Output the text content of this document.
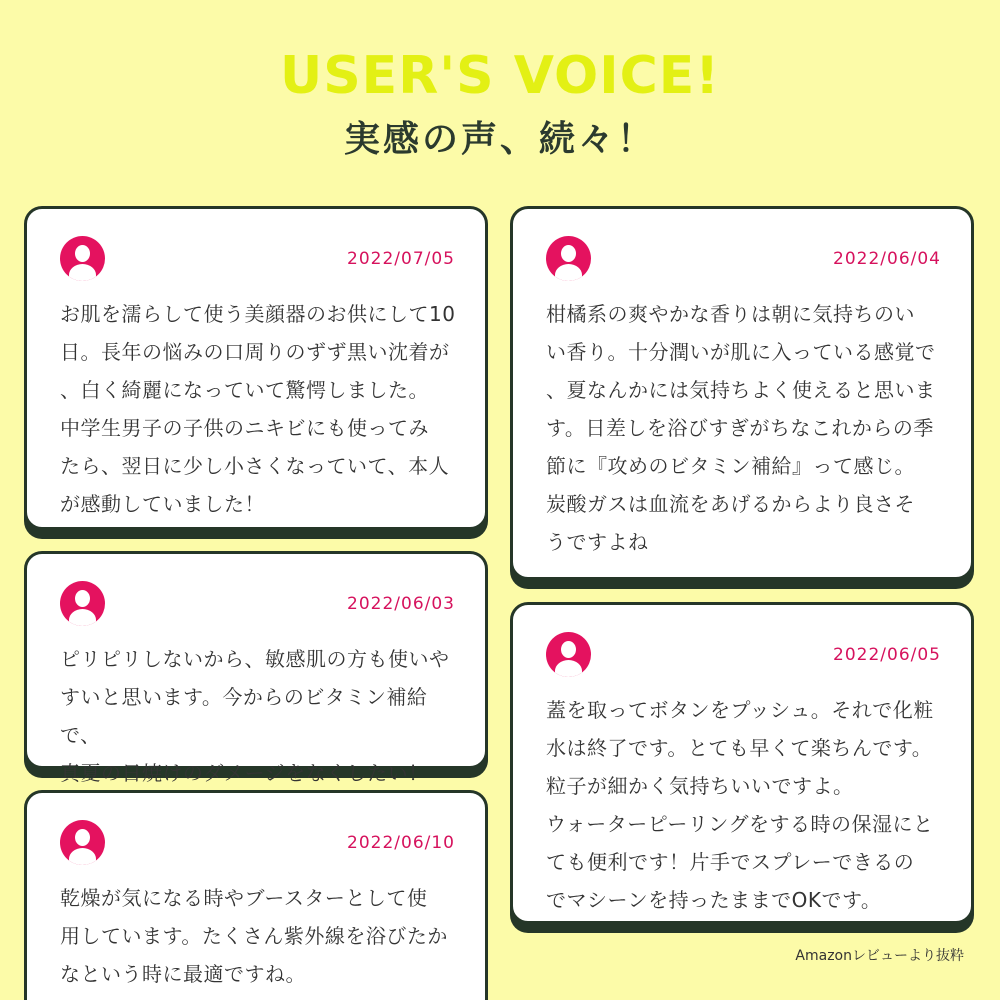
USER'S VOICE!
実感の声、続々！
2022/07/05
お肌を濡らして使う美顔器のお供にして10
日。長年の悩みの口周りのずず黒い沈着が
、白く綺麗になっていて驚愕しました。
中学生男子の子供のニキビにも使ってみ
たら、翌日に少し小さくなっていて、本人
が感動していました！
2022/06/03
ピリピリしないから、敏感肌の方も使いや
すいと思います。今からのビタミン補給で、
真夏の日焼けのダメージをなくしたい！
2022/06/10
乾燥が気になる時やブースターとして使
用しています。たくさん紫外線を浴びたか
なという時に最適ですね。
2022/06/04
柑橘系の爽やかな香りは朝に気持ちのい
い香り。十分潤いが肌に入っている感覚で
、夏なんかには気持ちよく使えると思いま
す。日差しを浴びすぎがちなこれからの季
節に『攻めのビタミン補給』って感じ。
炭酸ガスは血流をあげるからより良さそ
うですよね
2022/06/05
蓋を取ってボタンをプッシュ。それで化粧
水は終了です。とても早くて楽ちんです。
粒子が細かく気持ちいいですよ。
ウォーターピーリングをする時の保湿にと
ても便利です！片手でスプレーできるの
でマシーンを持ったままでOKです。
Amazonレビューより抜粋
